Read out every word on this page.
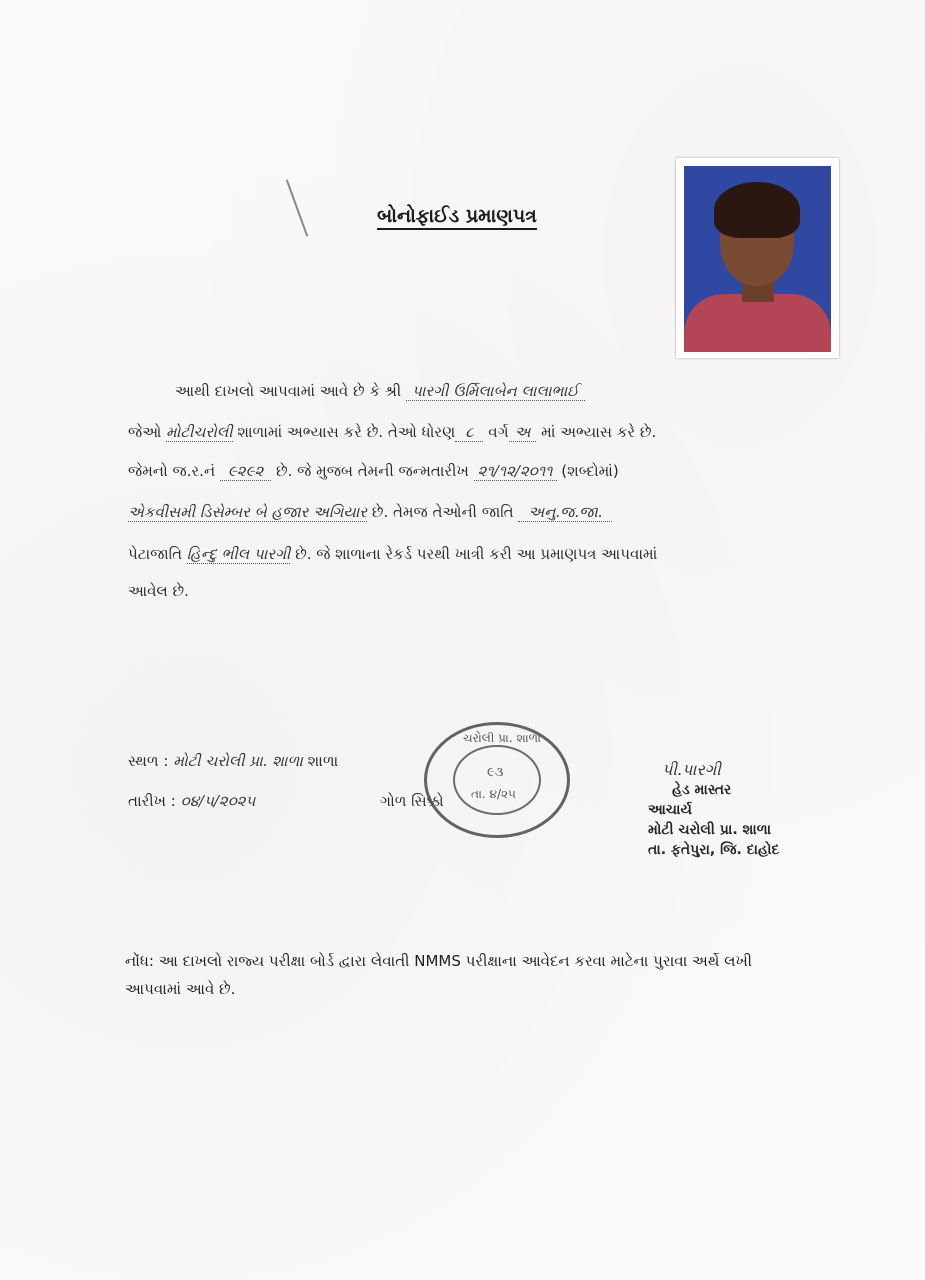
બોનોફાઈડ પ્રમાણપત્ર
આથી દાખલો આપવામાં આવે છે કે શ્રી પારગી ઉર્મિલાબેન લાલાભાઈ
જેઓ મોટીચરોલી શાળામાં અભ્યાસ કરે છે. તેઓ ધોરણ ૮ વર્ગ અ માં અભ્યાસ કરે છે.
જેમનો જ.ર.નં ૯૨૯૨ છે. જે મુજબ તેમની જન્મતારીખ ૨૧/૧૨/૨૦૧૧ (શબ્દોમાં)
એકવીસમી ડિસેમ્બર બે હજાર અગિયાર છે. તેમજ તેઓની જાતિ અનુ.જ.જા.
પેટાજાતિ હિન્દુ ભીલ પારગી છે. જે શાળાના રેકર્ડ પરથી ખાત્રી કરી આ પ્રમાણપત્ર આપવામાં
આવેલ છે.
સ્થળ : મોટી ચરોલી પ્રા. શાળા શાળા
તારીખ : ૦૪/૫/૨૦૨૫	ગોળ સિક્કો
ચરોલી પ્રા. શાળા
૯૩
તા. ૪/૨૫
પી.પારગી
હેડ માસ્તર
આચાર્ય
મોટી ચરોલી પ્રા. શાળા
તા. ફતેપુરા, જિ. દાહોદ
નોંધ: આ દાખલો રાજ્ય પરીક્ષા બોર્ડ દ્વારા લેવાતી NMMS પરીક્ષાના આવેદન કરવા માટેના પુરાવા અર્થે લખી આપવામાં આવે છે.
